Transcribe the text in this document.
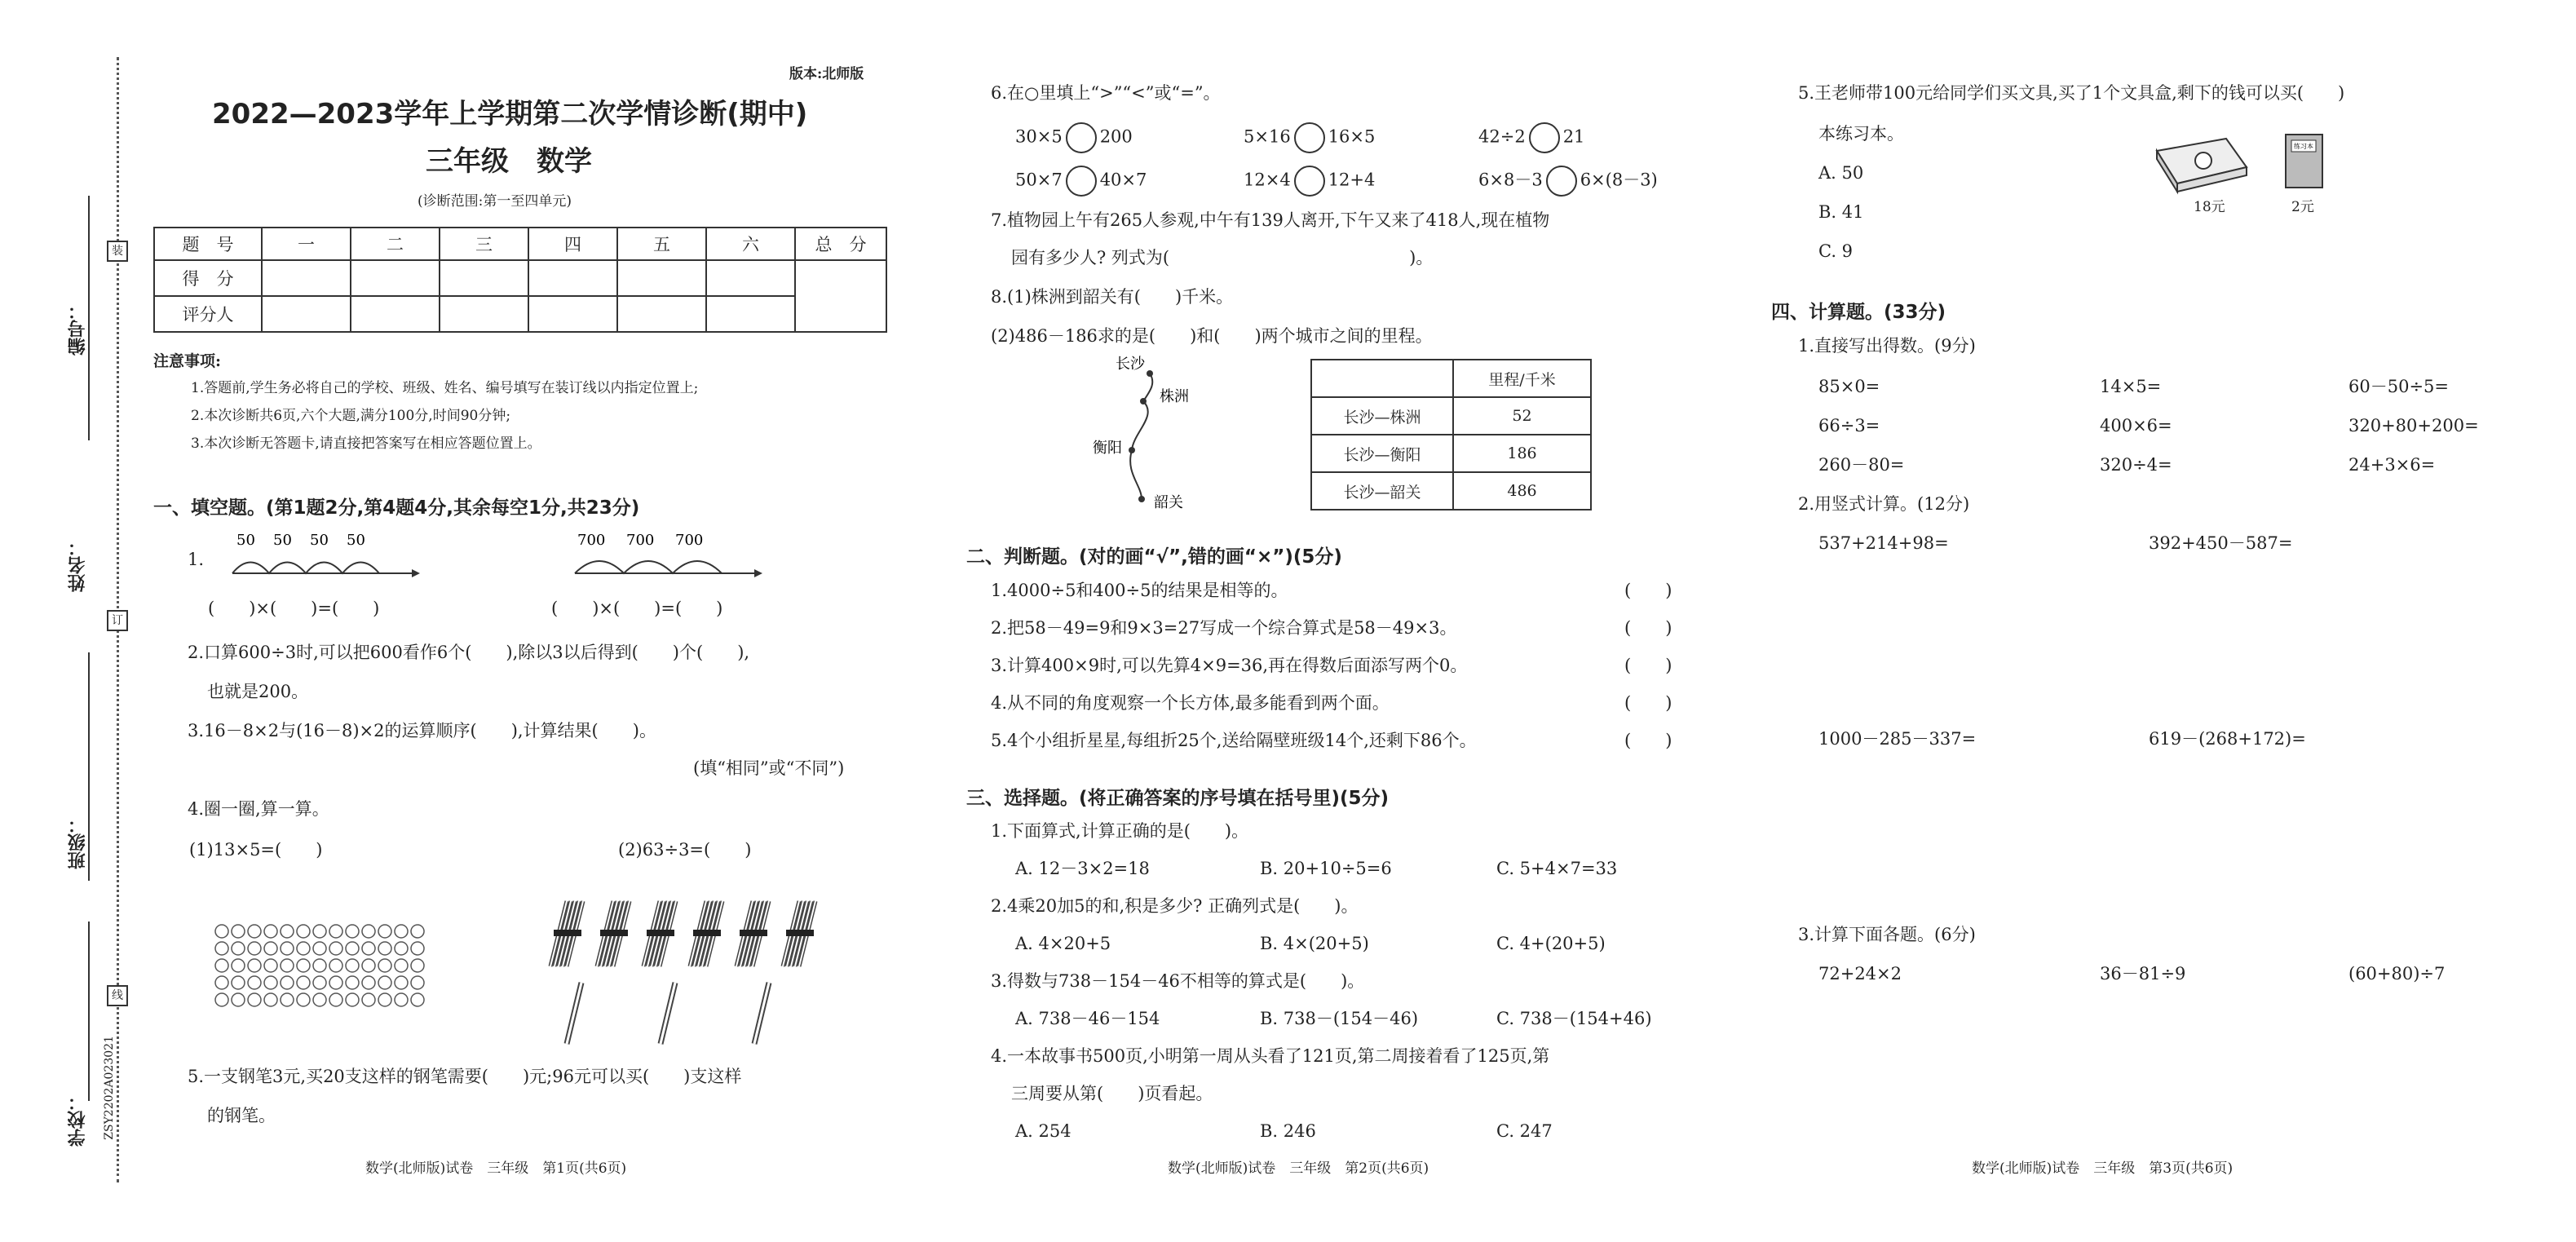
编号：
姓名：
班级：
学校：
装
订
线
ZSY2202A023021
版本:北师版
2022—2023学年上学期第二次学情诊断(期中)
三年级　数学
(诊断范围:第一至四单元)
题　号	一	二	三	四	五	六	总　分
得　分							
评分人							
注意事项:
1.答题前,学生务必将自己的学校、班级、姓名、编号填写在装订线以内指定位置上;
2.本次诊断共6页,六个大题,满分100分,时间90分钟;
3.本次诊断无答题卡,请直接把答案写在相应答题位置上。
一、填空题。(第1题2分,第4题4分,其余每空1分,共23分)
1.
50 50 50 50	700 700 700
(　　)×(　　)=(　　)	(　　)×(　　)=(　　)
2.口算600÷3时,可以把600看作6个(　　),除以3以后得到(　　)个(　　),
也就是200。
3.16－8×2与(16－8)×2的运算顺序(　　),计算结果(　　)。
(填“相同”或“不同”)
4.圈一圈,算一算。
(1)13×5=(　　)	(2)63÷3=(　　)
5.一支钢笔3元,买20支这样的钢笔需要(　　)元;96元可以买(　　)支这样
的钢笔。
数学(北师版)试卷　三年级　第1页(共6页)
6.在○里填上“>”“<”或“=”。
30×5 200	5×16 16×5	42÷2 21
50×7 40×7	12×4 12+4	6×8－3 6×(8－3)
7.植物园上午有265人参观,中午有139人离开,下午又来了418人,现在植物
园有多少人? 列式为(　　　　　　　　　　　　　　)。
8.(1)株洲到韶关有(　　)千米。
(2)486－186求的是(　　)和(　　)两个城市之间的里程。
长沙
株洲
衡阳
韶关
	里程/千米
长沙—株洲	52
长沙—衡阳	186
长沙—韶关	486
二、判断题。(对的画“√”,错的画“×”)(5分)
1.4000÷5和400÷5的结果是相等的。
2.把58－49=9和9×3=27写成一个综合算式是58－49×3。
3.计算400×9时,可以先算4×9=36,再在得数后面添写两个0。
4.从不同的角度观察一个长方体,最多能看到两个面。
5.4个小组折星星,每组折25个,送给隔壁班级14个,还剩下86个。
(　　)
(　　)
(　　)
(　　)
(　　)
三、选择题。(将正确答案的序号填在括号里)(5分)
1.下面算式,计算正确的是(　　)。
A. 12－3×2=18	B. 20+10÷5=6	C. 5+4×7=33
2.4乘20加5的和,积是多少? 正确列式是(　　)。
A. 4×20+5	B. 4×(20+5)	C. 4+(20+5)
3.得数与738－154－46不相等的算式是(　　)。
A. 738－46－154	B. 738－(154－46)	C. 738－(154+46)
4.一本故事书500页,小明第一周从头看了121页,第二周接着看了125页,第
三周要从第(　　)页看起。
A. 254	B. 246	C. 247
数学(北师版)试卷　三年级　第2页(共6页)
5.王老师带100元给同学们买文具,买了1个文具盒,剩下的钱可以买(　　)
本练习本。
A. 50
B. 41
C. 9
18元
练习本
2元
四、计算题。(33分)
1.直接写出得数。(9分)
85×0=	14×5=	60－50÷5=
66÷3=	400×6=	320+80+200=
260－80=	320÷4=	24+3×6=
2.用竖式计算。(12分)
537+214+98=	392+450－587=
1000－285－337=	619－(268+172)=
3.计算下面各题。(6分)
72+24×2	36－81÷9	(60+80)÷7
数学(北师版)试卷　三年级　第3页(共6页)
